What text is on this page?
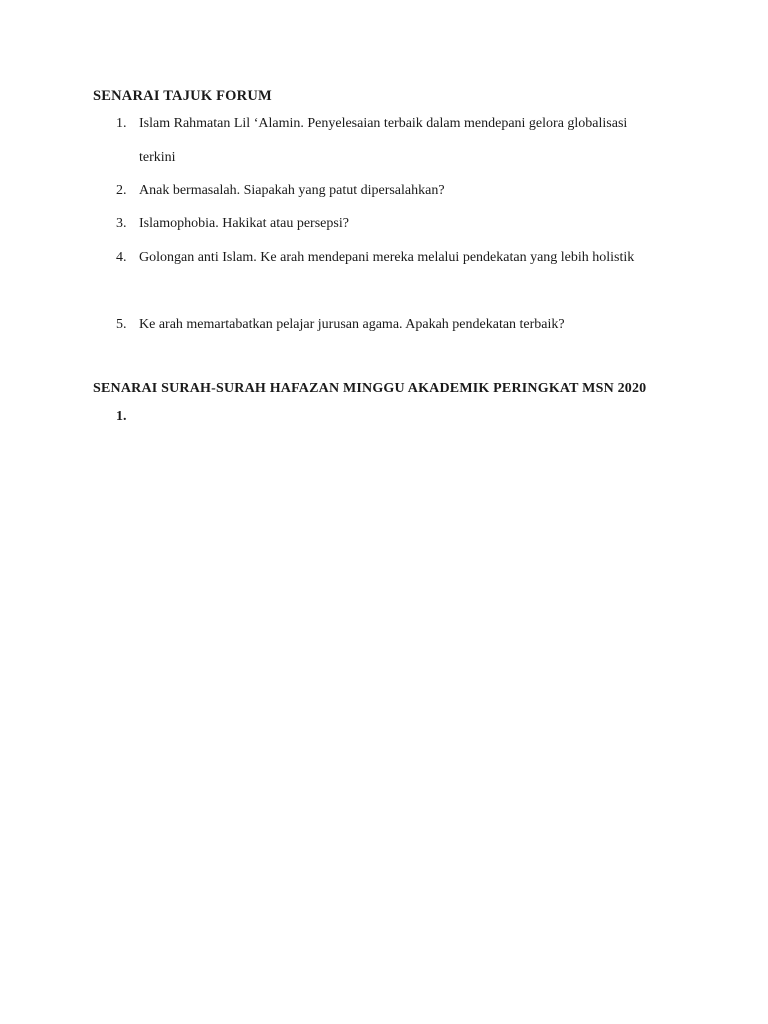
SENARAI TAJUK FORUM
1. Islam Rahmatan Lil ‘Alamin. Penyelesaian terbaik dalam mendepani gelora globalisasi terkini
2. Anak bermasalah. Siapakah yang patut dipersalahkan?
3. Islamophobia. Hakikat atau persepsi?
4. Golongan anti Islam. Ke arah mendepani mereka melalui pendekatan yang lebih holistik
5. Ke arah memartabatkan pelajar jurusan agama. Apakah pendekatan terbaik?
SENARAI SURAH-SURAH HAFAZAN MINGGU AKADEMIK PERINGKAT MSN 2020
1.
